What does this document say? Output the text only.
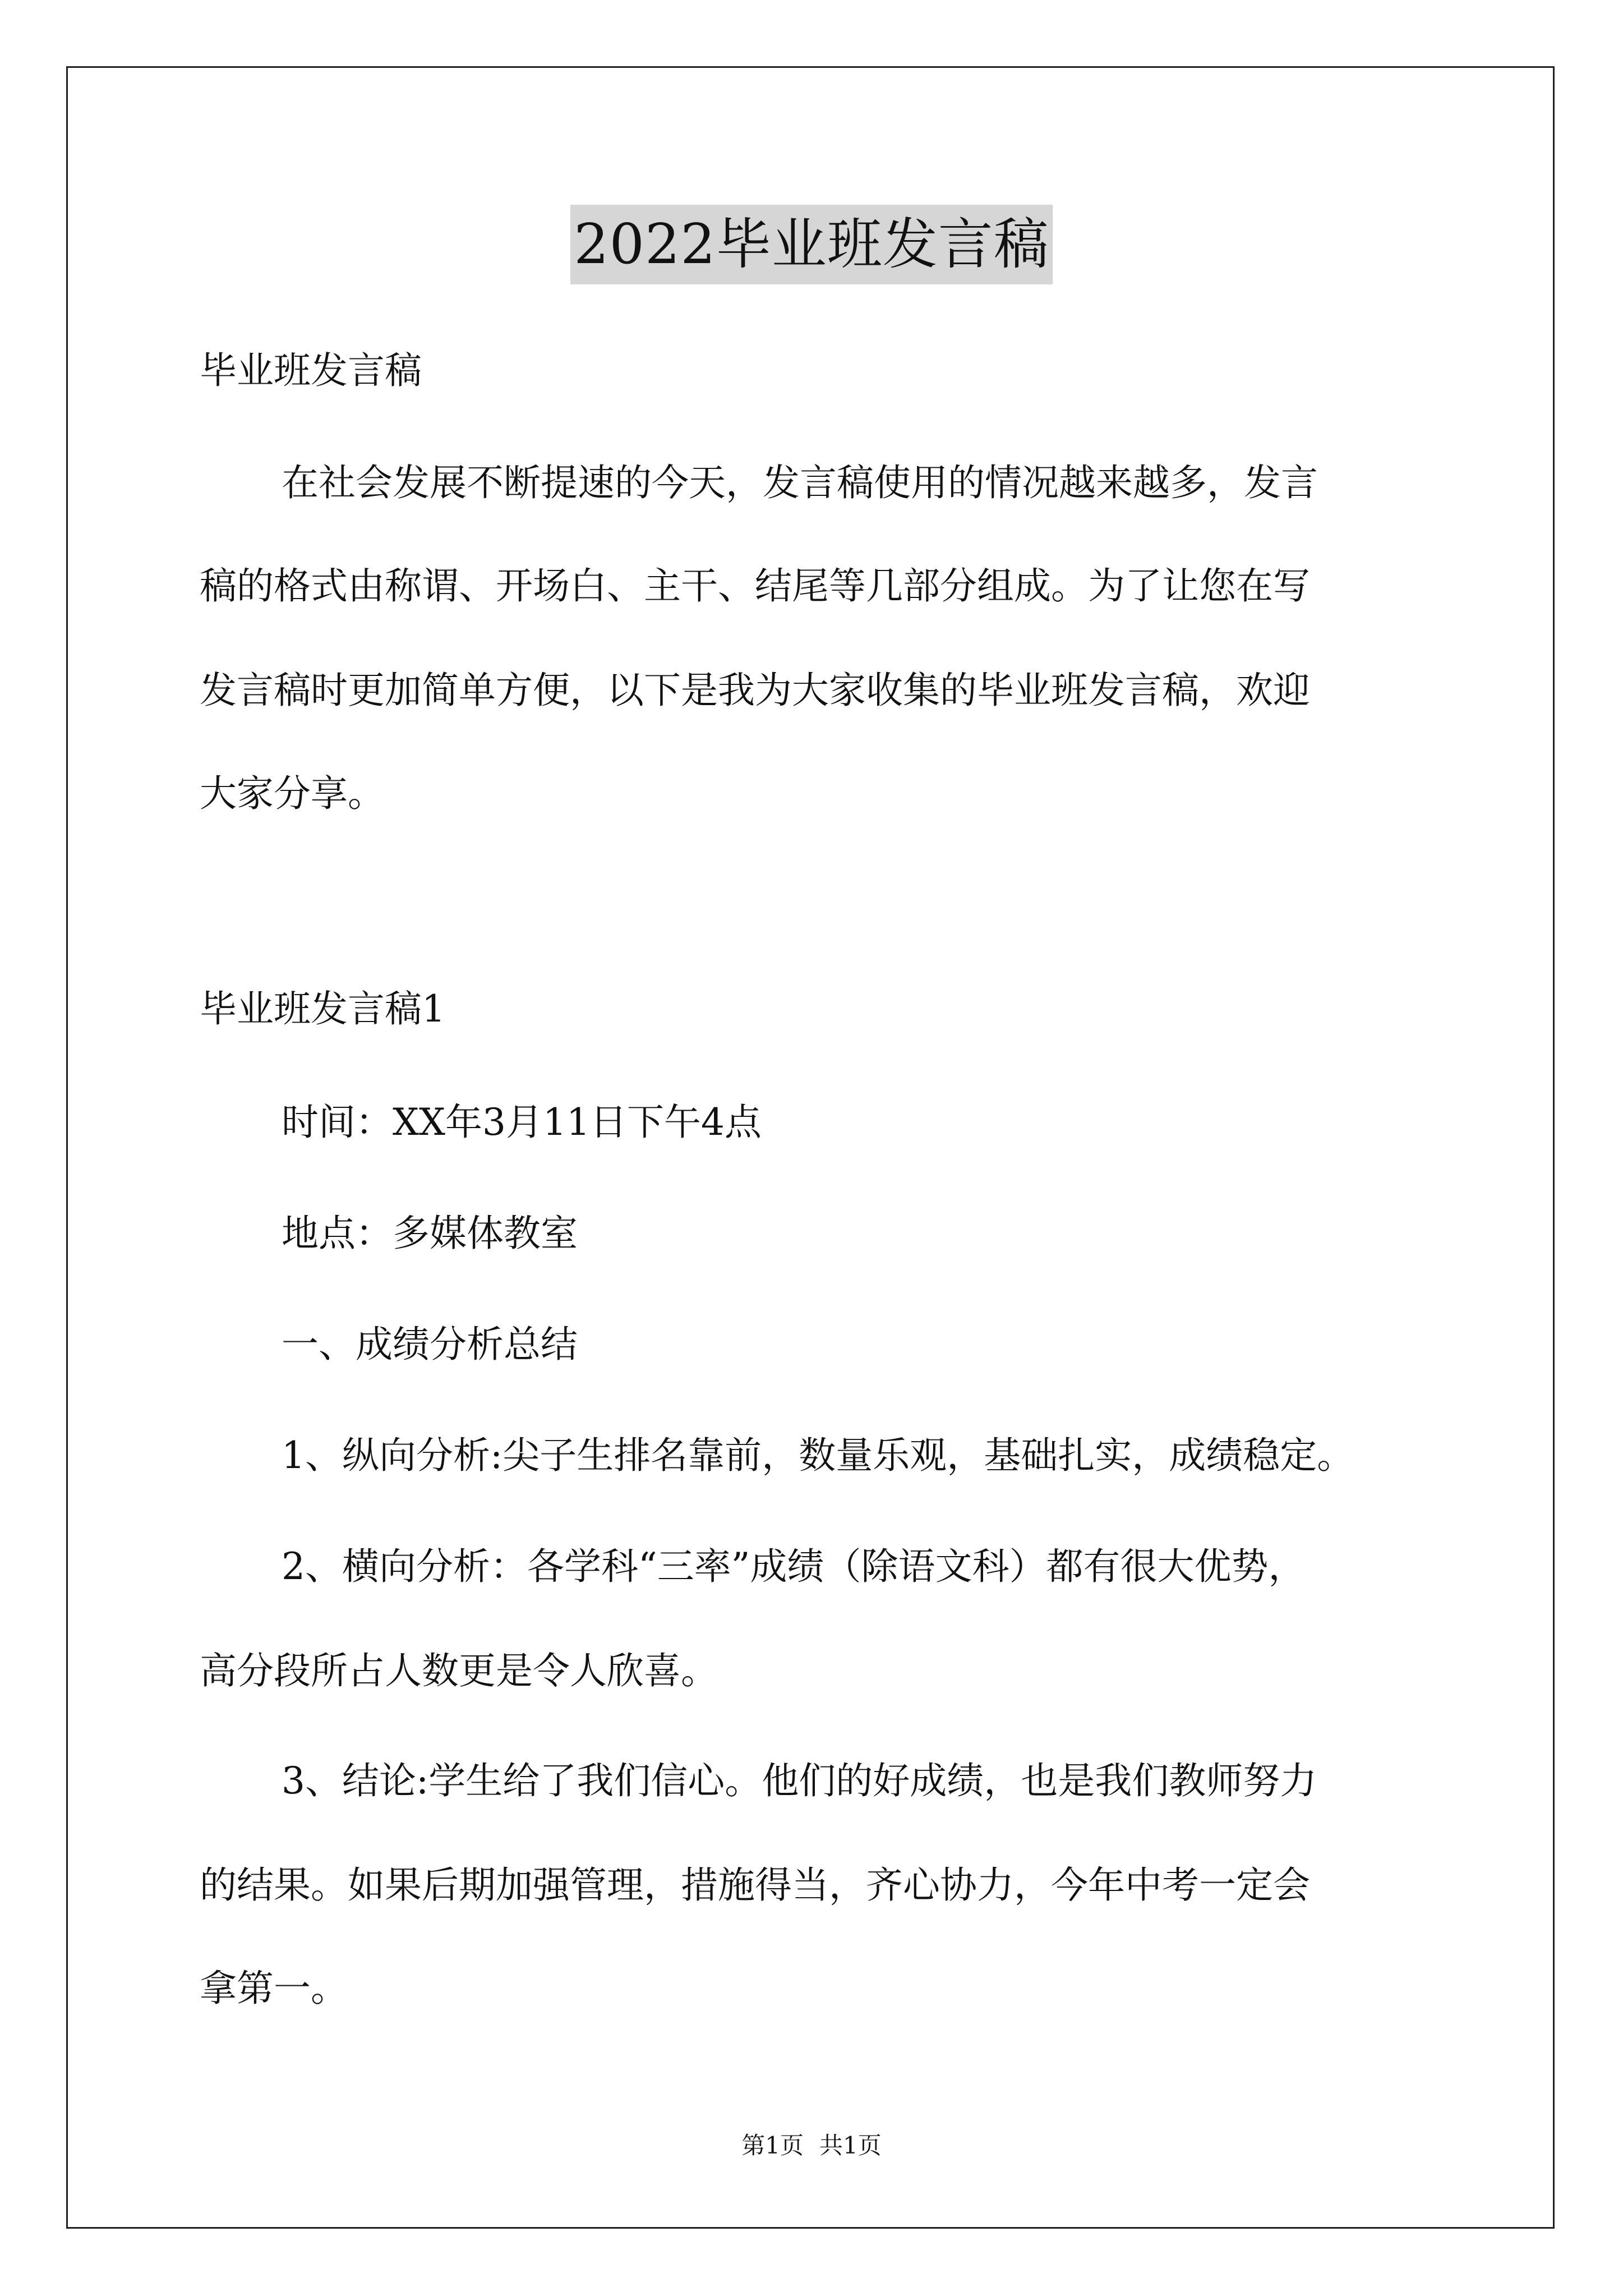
2022毕业班发言稿
毕业班发言稿
在社会发展不断提速的今天，发言稿使用的情况越来越多，发言
稿的格式由称谓、开场白、主干、结尾等几部分组成。为了让您在写
发言稿时更加简单方便，以下是我为大家收集的毕业班发言稿，欢迎
大家分享。
毕业班发言稿1
时间：XX年3月11日下午4点
地点：多媒体教室
一、成绩分析总结
1、纵向分析:尖子生排名靠前，数量乐观，基础扎实，成绩稳定。
2、横向分析：各学科“三率”成绩（除语文科）都有很大优势，
高分段所占人数更是令人欣喜。
3、结论:学生给了我们信心。他们的好成绩，也是我们教师努力
的结果。如果后期加强管理，措施得当，齐心协力，今年中考一定会
拿第一。
第1页 共1页
